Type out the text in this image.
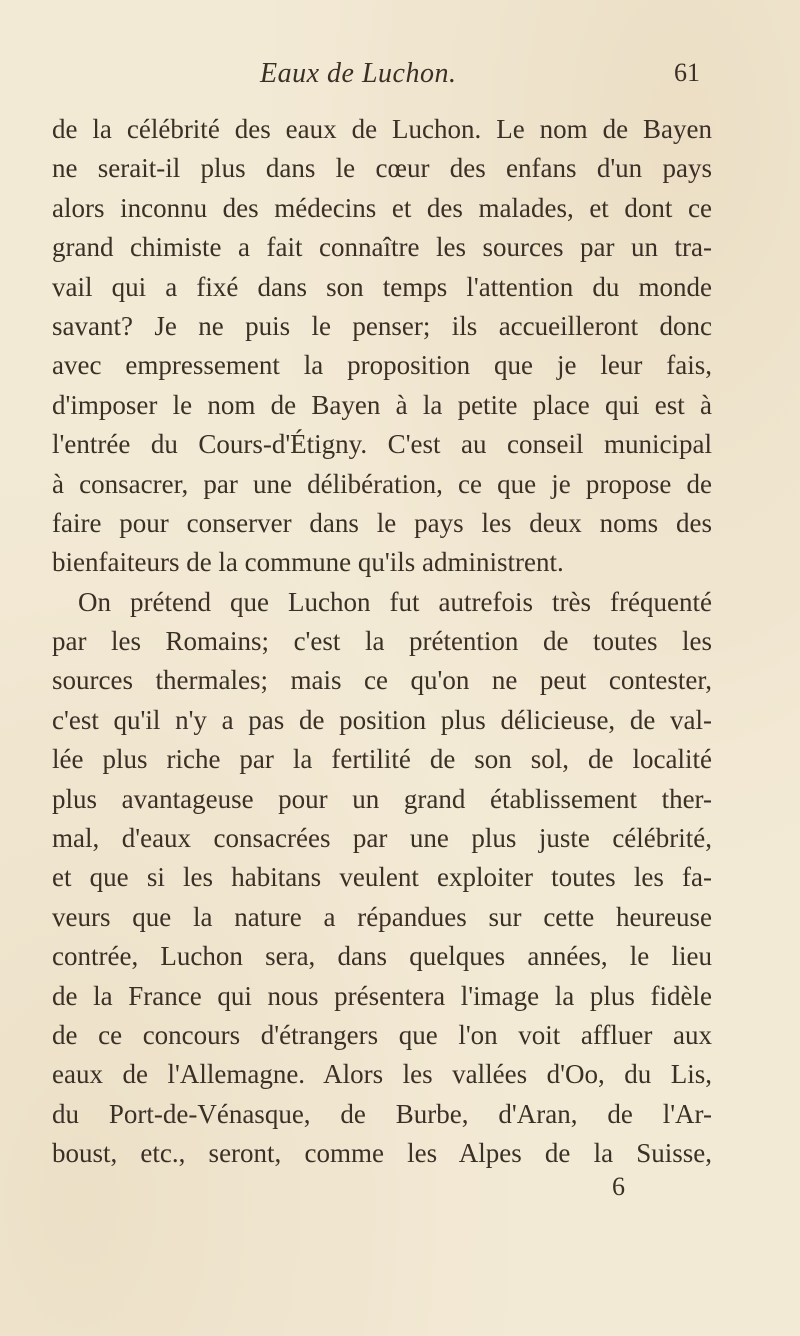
Eaux de Luchon.	61
de la célébrité des eaux de Luchon. Le nom de Bayen
ne serait-il plus dans le cœur des enfans d'un pays
alors inconnu des médecins et des malades, et dont ce
grand chimiste a fait connaître les sources par un tra-
vail qui a fixé dans son temps l'attention du monde
savant? Je ne puis le penser; ils accueilleront donc
avec empressement la proposition que je leur fais,
d'imposer le nom de Bayen à la petite place qui est à
l'entrée du Cours-d'Étigny. C'est au conseil municipal
à consacrer, par une délibération, ce que je propose de
faire pour conserver dans le pays les deux noms des
bienfaiteurs de la commune qu'ils administrent.
On prétend que Luchon fut autrefois très fréquenté
par les Romains; c'est la prétention de toutes les
sources thermales; mais ce qu'on ne peut contester,
c'est qu'il n'y a pas de position plus délicieuse, de val-
lée plus riche par la fertilité de son sol, de localité
plus avantageuse pour un grand établissement ther-
mal, d'eaux consacrées par une plus juste célébrité,
et que si les habitans veulent exploiter toutes les fa-
veurs que la nature a répandues sur cette heureuse
contrée, Luchon sera, dans quelques années, le lieu
de la France qui nous présentera l'image la plus fidèle
de ce concours d'étrangers que l'on voit affluer aux
eaux de l'Allemagne. Alors les vallées d'Oo, du Lis,
du Port-de-Vénasque, de Burbe, d'Aran, de l'Ar-
boust, etc., seront, comme les Alpes de la Suisse,
6
